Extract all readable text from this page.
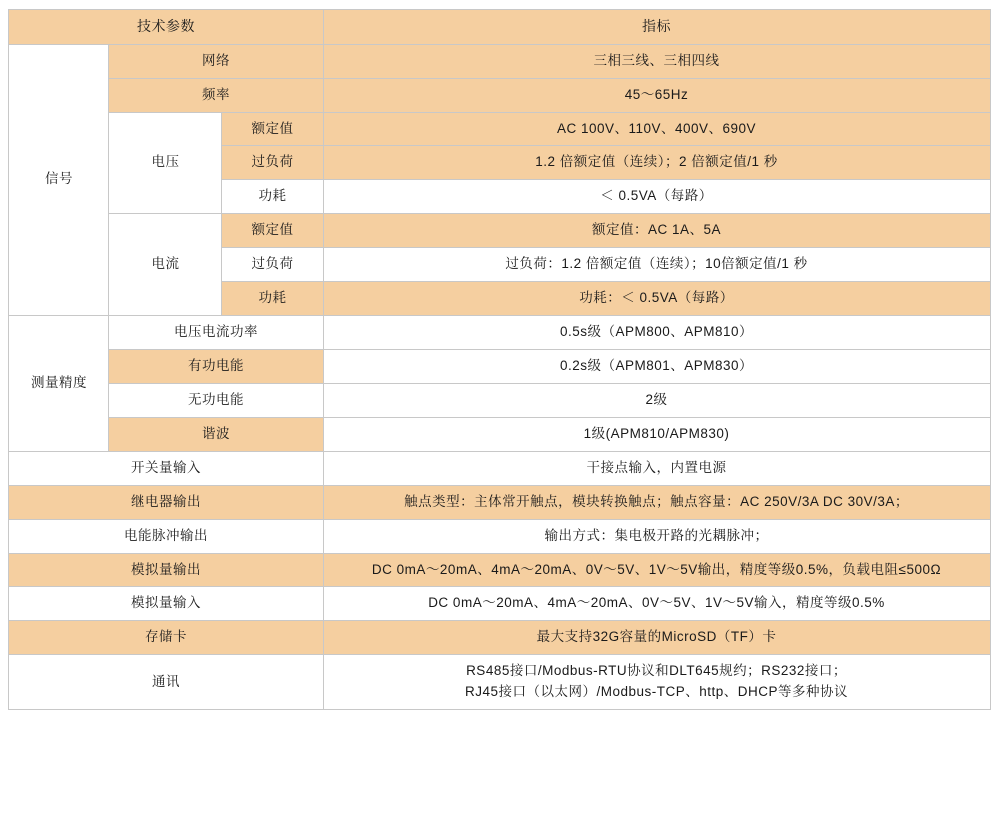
技术参数			指标
信号	网络		三相三线、三相四线
	频率		45～65Hz
	电压	额定值	AC 100V、110V、400V、690V
		过负荷	1.2 倍额定值（连续）；2 倍额定值/1 秒
		功耗	＜ 0.5VA（每路）
	电流	额定值	额定值：AC 1A、5A
		过负荷	过负荷：1.2 倍额定值（连续）；10倍额定值/1 秒
		功耗	功耗：＜ 0.5VA（每路）
测量精度	电压电流功率		0.5s级（APM800、APM810）
	有功电能		0.2s级（APM801、APM830）
	无功电能		2级
	谐波		1级(APM810/APM830)
开关量输入			干接点输入，内置电源
继电器输出			触点类型：主体常开触点，模块转换触点；触点容量：AC 250V/3A DC 30V/3A；
电能脉冲输出			输出方式：集电极开路的光耦脉冲；
模拟量输出			DC 0mA～20mA、4mA～20mA、0V～5V、1V～5V输出，精度等级0.5%，负载电阻≤500Ω
模拟量输入			DC 0mA～20mA、4mA～20mA、0V～5V、1V～5V输入，精度等级0.5%
存储卡			最大支持32G容量的MicroSD（TF）卡
通讯			RS485接口/Modbus-RTU协议和DLT645规约；RS232接口；
RJ45接口（以太网）/Modbus-TCP、http、DHCP等多种协议
